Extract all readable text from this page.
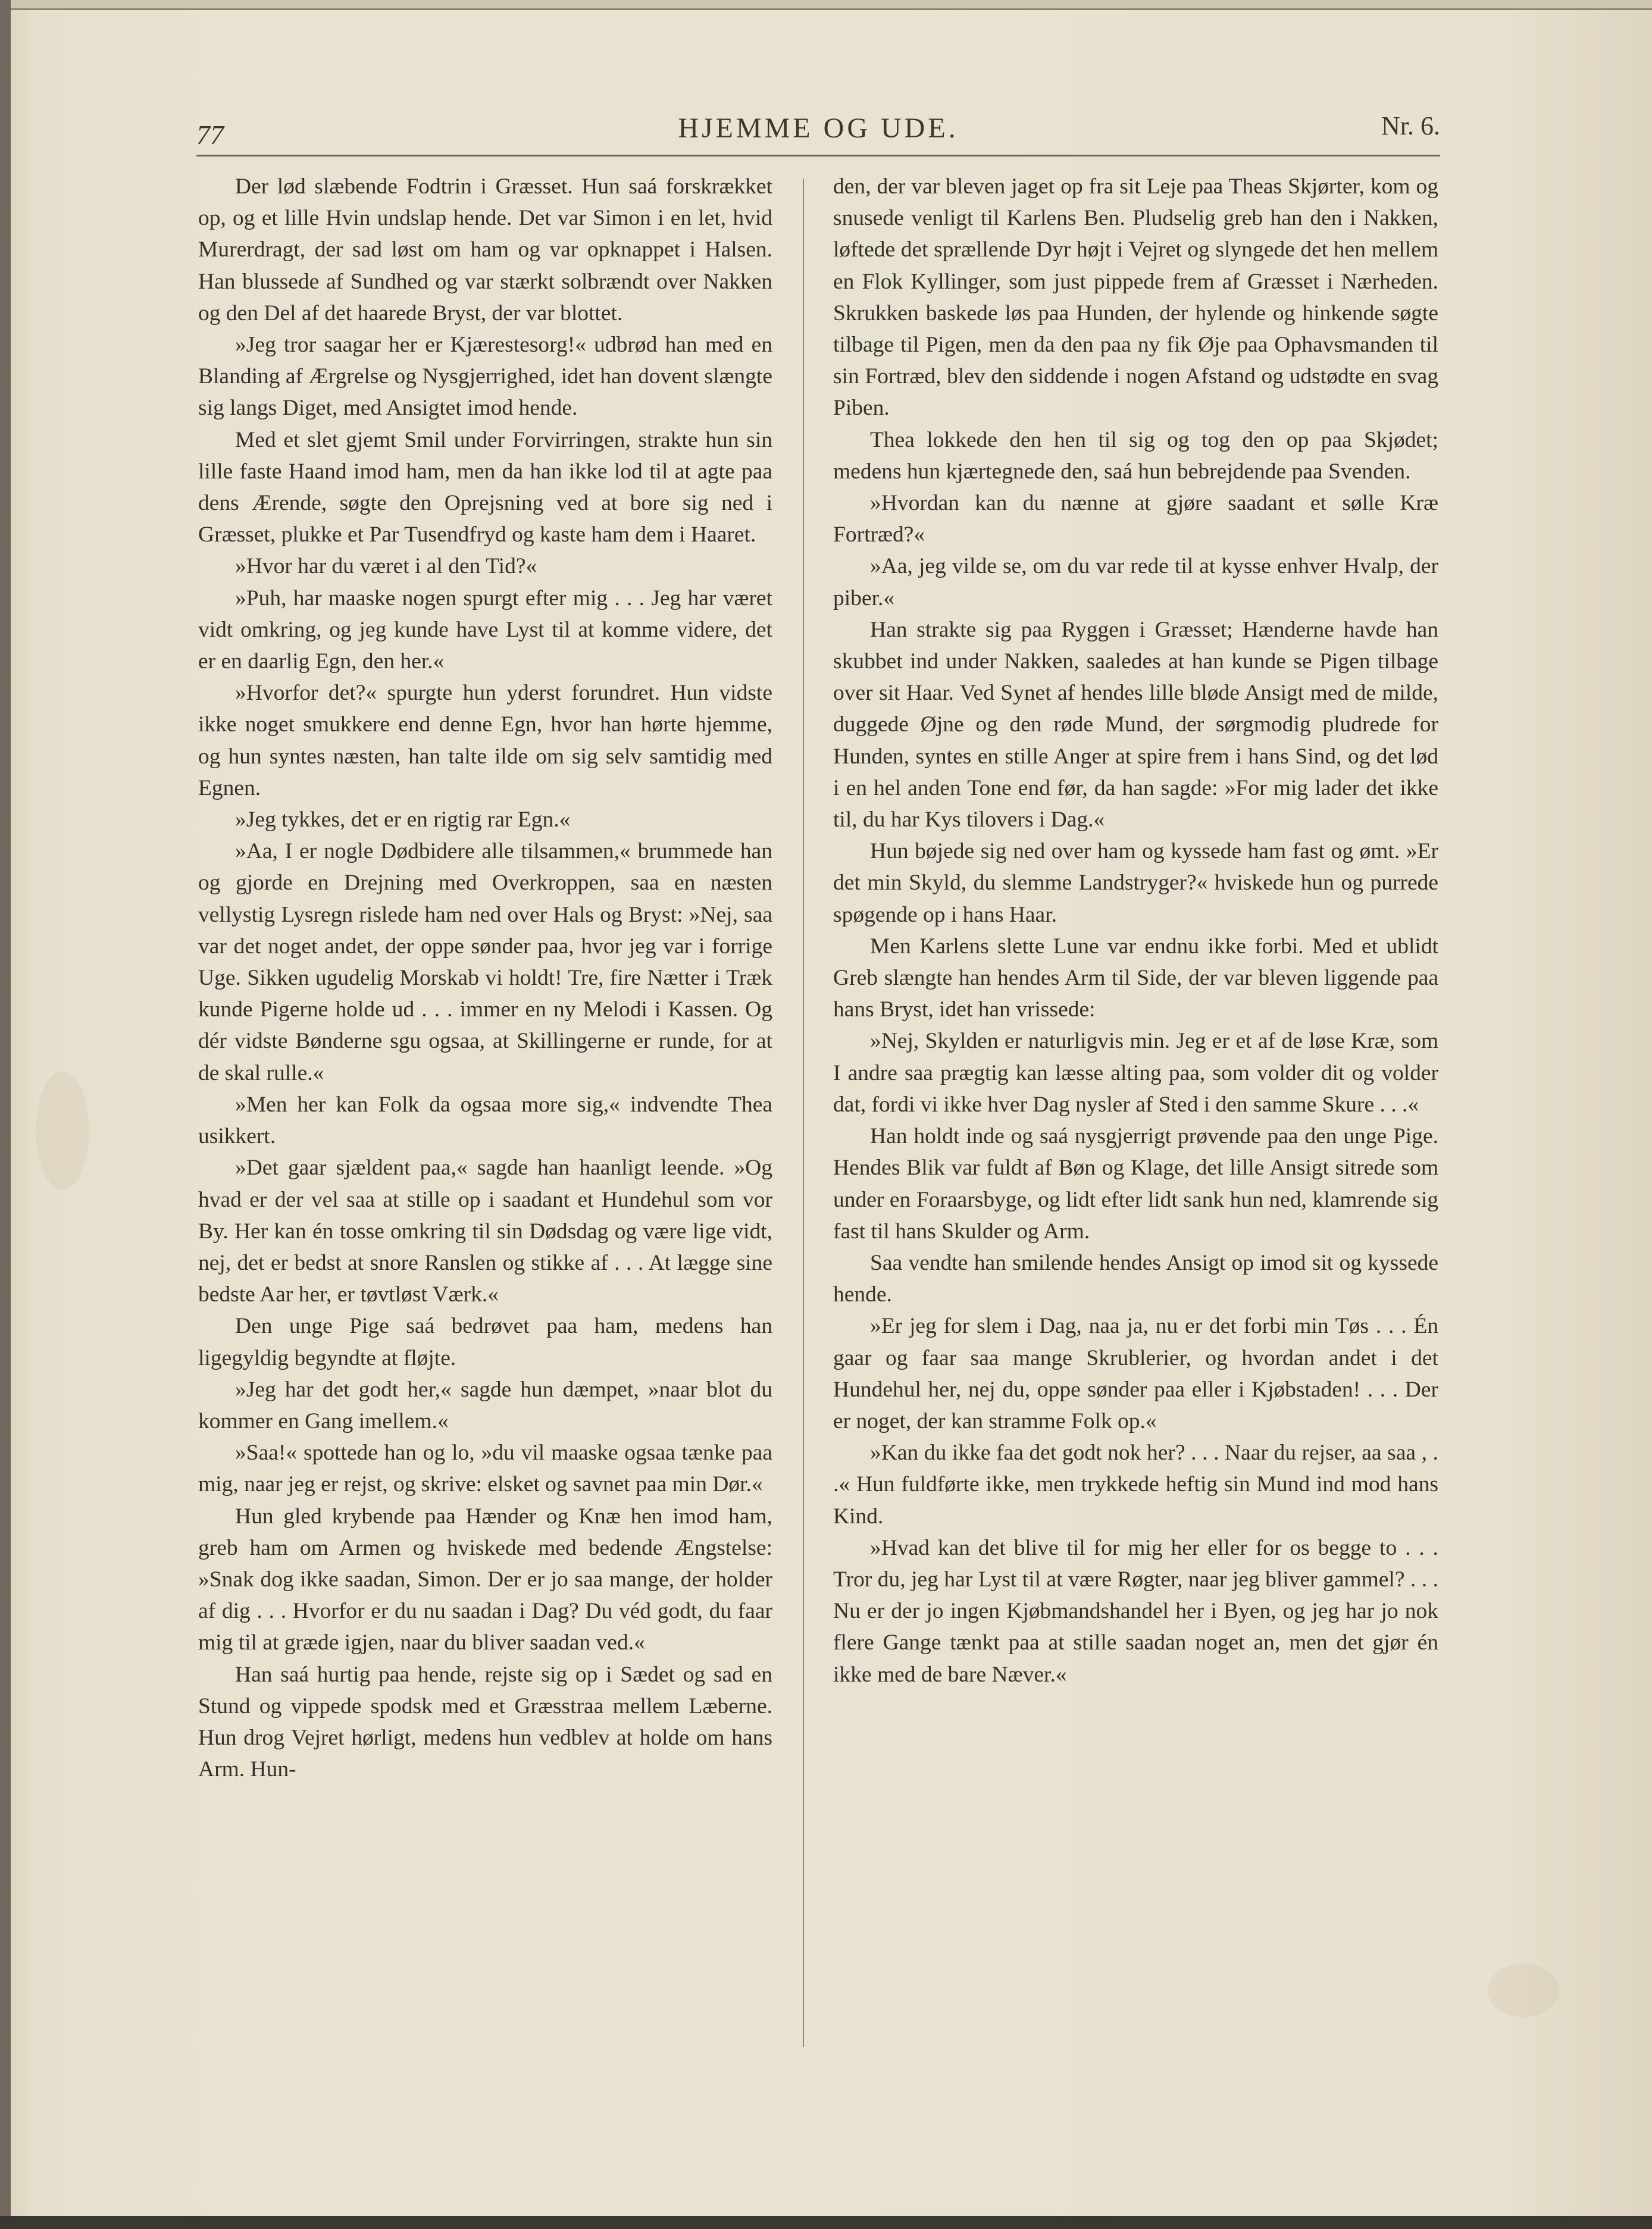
77	HJEMME OG UDE.	Nr. 6.

Der lød slæbende Fodtrin i Græsset. Hun saá forskrækket op, og et lille Hvin undslap hende. Det var Simon i en let, hvid Murerdragt, der sad løst om ham og var opknappet i Halsen. Han blussede af Sundhed og var stærkt solbrændt over Nakken og den Del af det haarede Bryst, der var blottet.

»Jeg tror saagar her er Kjærestesorg!« udbrød han med en Blanding af Ærgrelse og Nysgjerrighed, idet han dovent slængte sig langs Diget, med Ansigtet imod hende.

Med et slet gjemt Smil under Forvirringen, strakte hun sin lille faste Haand imod ham, men da han ikke lod til at agte paa dens Ærende, søgte den Oprejsning ved at bore sig ned i Græsset, plukke et Par Tusendfryd og kaste ham dem i Haaret.

»Hvor har du været i al den Tid?«

»Puh, har maaske nogen spurgt efter mig . . . Jeg har været vidt omkring, og jeg kunde have Lyst til at komme videre, det er en daarlig Egn, den her.«

»Hvorfor det?« spurgte hun yderst forundret. Hun vidste ikke noget smukkere end denne Egn, hvor han hørte hjemme, og hun syntes næsten, han talte ilde om sig selv samtidig med Egnen.

»Jeg tykkes, det er en rigtig rar Egn.«

»Aa, I er nogle Dødbidere alle tilsammen,« brummede han og gjorde en Drejning med Overkroppen, saa en næsten vellystig Lysregn rislede ham ned over Hals og Bryst: »Nej, saa var det noget andet, der oppe sønder paa, hvor jeg var i forrige Uge. Sikken ugudelig Morskab vi holdt! Tre, fire Nætter i Træk kunde Pigerne holde ud . . . immer en ny Melodi i Kassen. Og dér vidste Bønderne sgu ogsaa, at Skillingerne er runde, for at de skal rulle.«

»Men her kan Folk da ogsaa more sig,« indvendte Thea usikkert.

»Det gaar sjældent paa,« sagde han haanligt leende. »Og hvad er der vel saa at stille op i saadant et Hundehul som vor By. Her kan én tosse omkring til sin Dødsdag og være lige vidt, nej, det er bedst at snore Ranslen og stikke af . . . At lægge sine bedste Aar her, er tøvtløst Værk.«

Den unge Pige saá bedrøvet paa ham, medens han ligegyldig begyndte at fløjte.

»Jeg har det godt her,« sagde hun dæmpet, »naar blot du kommer en Gang imellem.«

»Saa!« spottede han og lo, »du vil maaske ogsaa tænke paa mig, naar jeg er rejst, og skrive: elsket og savnet paa min Dør.«

Hun gled krybende paa Hænder og Knæ hen imod ham, greb ham om Armen og hviskede med bedende Ængstelse: »Snak dog ikke saadan, Simon. Der er jo saa mange, der holder af dig . . . Hvorfor er du nu saadan i Dag? Du véd godt, du faar mig til at græde igjen, naar du bliver saadan ved.«

Han saá hurtig paa hende, rejste sig op i Sædet og sad en Stund og vippede spodsk med et Græsstraa mellem Læberne. Hun drog Vejret hørligt, medens hun vedblev at holde om hans Arm. Hun-

den, der var bleven jaget op fra sit Leje paa Theas Skjørter, kom og snusede venligt til Karlens Ben. Pludselig greb han den i Nakken, løftede det sprællende Dyr højt i Vejret og slyngede det hen mellem en Flok Kyllinger, som just pippede frem af Græsset i Nærheden. Skrukken baskede løs paa Hunden, der hylende og hinkende søgte tilbage til Pigen, men da den paa ny fik Øje paa Ophavsmanden til sin Fortræd, blev den siddende i nogen Afstand og udstødte en svag Piben.

Thea lokkede den hen til sig og tog den op paa Skjødet; medens hun kjærtegnede den, saá hun bebrejdende paa Svenden.

»Hvordan kan du nænne at gjøre saadant et sølle Kræ Fortræd?«

»Aa, jeg vilde se, om du var rede til at kysse enhver Hvalp, der piber.«

Han strakte sig paa Ryggen i Græsset; Hænderne havde han skubbet ind under Nakken, saaledes at han kunde se Pigen tilbage over sit Haar. Ved Synet af hendes lille bløde Ansigt med de milde, duggede Øjne og den røde Mund, der sørgmodig pludrede for Hunden, syntes en stille Anger at spire frem i hans Sind, og det lød i en hel anden Tone end før, da han sagde: »For mig lader det ikke til, du har Kys tilovers i Dag.«

Hun bøjede sig ned over ham og kyssede ham fast og ømt. »Er det min Skyld, du slemme Landstryger?« hviskede hun og purrede spøgende op i hans Haar.

Men Karlens slette Lune var endnu ikke forbi. Med et ublidt Greb slængte han hendes Arm til Side, der var bleven liggende paa hans Bryst, idet han vrissede:

»Nej, Skylden er naturligvis min. Jeg er et af de løse Kræ, som I andre saa prægtig kan læsse alting paa, som volder dit og volder dat, fordi vi ikke hver Dag nysler af Sted i den samme Skure . . .«

Han holdt inde og saá nysgjerrigt prøvende paa den unge Pige. Hendes Blik var fuldt af Bøn og Klage, det lille Ansigt sitrede som under en Foraarsbyge, og lidt efter lidt sank hun ned, klamrende sig fast til hans Skulder og Arm.

Saa vendte han smilende hendes Ansigt op imod sit og kyssede hende.

»Er jeg for slem i Dag, naa ja, nu er det forbi min Tøs . . . Én gaar og faar saa mange Skrublerier, og hvordan andet i det Hundehul her, nej du, oppe sønder paa eller i Kjøbstaden! . . . Der er noget, der kan stramme Folk op.«

»Kan du ikke faa det godt nok her? . . . Naar du rejser, aa saa , . .« Hun fuldførte ikke, men trykkede heftig sin Mund ind mod hans Kind.

»Hvad kan det blive til for mig her eller for os begge to . . . Tror du, jeg har Lyst til at være Røgter, naar jeg bliver gammel? . . . Nu er der jo ingen Kjøbmandshandel her i Byen, og jeg har jo nok flere Gange tænkt paa at stille saadan noget an, men det gjør én ikke med de bare Næver.«
